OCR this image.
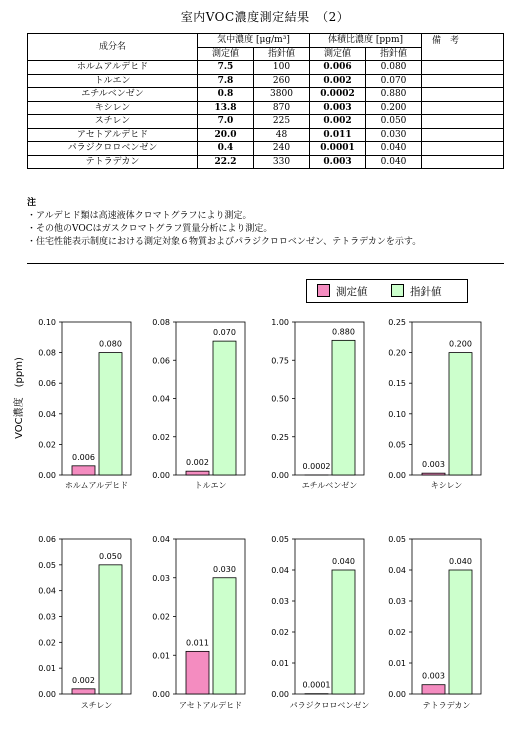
室内VOC濃度測定結果　（2）
成分名	気中濃度 [μg/m³]		体積比濃度 [ppm]		備　考
	測定値	指針値	測定値	指針値	
ホルムアルデヒド	7.5	100	0.006	0.080	
トルエン	7.8	260	0.002	0.070	
エチルベンゼン	0.8	3800	0.0002	0.880	
キシレン	13.8	870	0.003	0.200	
スチレン	7.0	225	0.002	0.050	
アセトアルデヒド	20.0	48	0.011	0.030	
パラジクロロベンゼン	0.4	240	0.0001	0.040	
テトラデカン	22.2	330	0.003	0.040	
注
・アルデヒド類は高速液体クロマトグラフにより測定。
・その他のVOCはガスクロマトグラフ質量分析により測定。
・住宅性能表示制度における測定対象６物質およびパラジクロロベンゼン、テトラデカンを示す。
測定値	指針値
0.00
0.02
0.04
0.06
0.08
0.10
0.006
0.080
ホルムアルデヒド
0.00
0.02
0.04
0.06
0.08
0.002
0.070
トルエン
0.00
0.25
0.50
0.75
1.00
0.0002
0.880
エチルベンゼン
0.00
0.05
0.10
0.15
0.20
0.25
0.003
0.200
キシレン
0.00
0.01
0.02
0.03
0.04
0.05
0.06
0.002
0.050
スチレン
0.00
0.01
0.02
0.03
0.04
0.011
0.030
アセトアルデヒド
0.00
0.01
0.02
0.03
0.04
0.05
0.0001
0.040
パラジクロロベンゼン
0.00
0.01
0.02
0.03
0.04
0.05
0.003
0.040
テトラデカン
VOC濃度　(ppm)
